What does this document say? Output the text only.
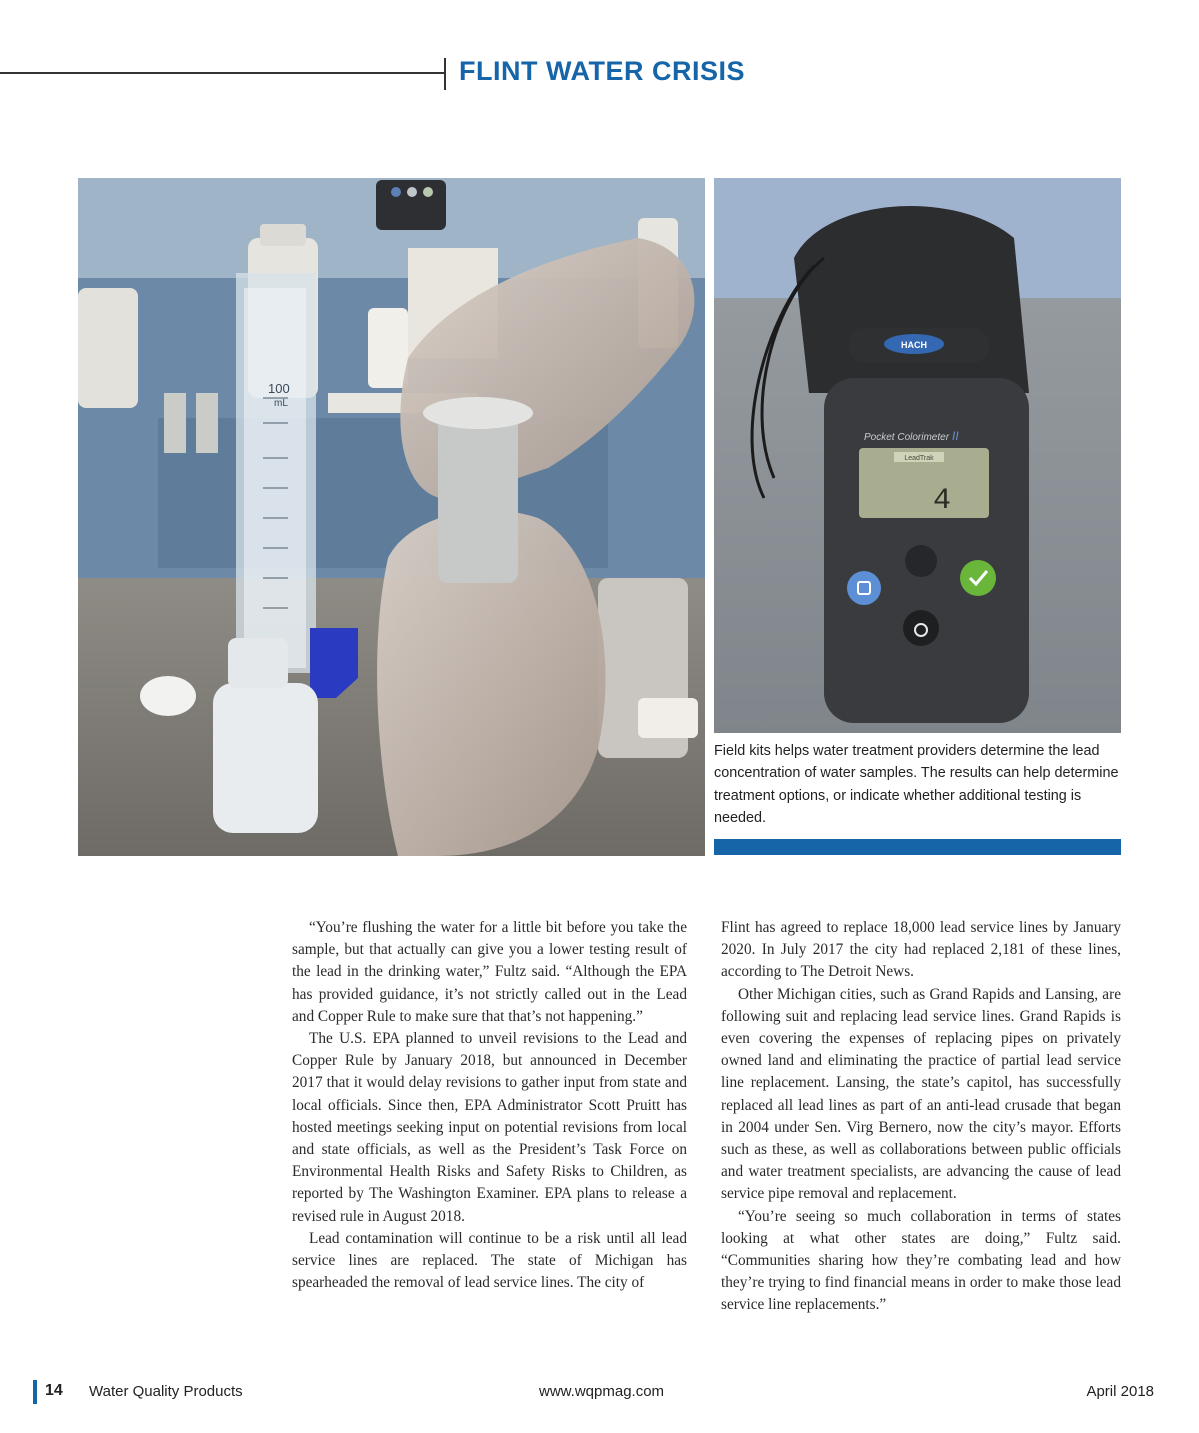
FLINT WATER CRISIS
100
mL
HACH
Pocket Colorimeter II
LeadTrak
4
Field kits helps water treatment providers determine the lead concentration of water samples. The results can help determine treatment options, or indicate whether additional testing is needed.

“You’re flushing the water for a little bit before you take the sample, but that actually can give you a lower testing result of the lead in the drinking water,” Fultz said. “Although the EPA has provided guidance, it’s not strictly called out in the Lead and Copper Rule to make sure that that’s not happening.”

The U.S. EPA planned to unveil revisions to the Lead and Copper Rule by January 2018, but announced in December 2017 that it would delay revisions to gather input from state and local officials. Since then, EPA Administrator Scott Pruitt has hosted meetings seeking input on potential revisions from local and state officials, as well as the President’s Task Force on Environmental Health Risks and Safety Risks to Children, as reported by The Washington Examiner. EPA plans to release a revised rule in August 2018.

Lead contamination will continue to be a risk until all lead service lines are replaced. The state of Michigan has spearheaded the removal of lead service lines. The city of

Flint has agreed to replace 18,000 lead service lines by January 2020. In July 2017 the city had replaced 2,181 of these lines, according to The Detroit News.

Other Michigan cities, such as Grand Rapids and Lansing, are following suit and replacing lead service lines. Grand Rapids is even covering the expenses of replacing pipes on privately owned land and eliminating the practice of partial lead service line replacement. Lansing, the state’s capitol, has successfully replaced all lead lines as part of an anti-lead crusade that began in 2004 under Sen. Virg Bernero, now the city’s mayor. Efforts such as these, as well as collaborations between public officials and water treatment specialists, are advancing the cause of lead service pipe removal and replacement.

“You’re seeing so much collaboration in terms of states looking at what other states are doing,” Fultz said. “Communities sharing how they’re combating lead and how they’re trying to find financial means in order to make those lead service line replacements.”

14 Water Quality Products	www.wqpmag.com	April 2018
